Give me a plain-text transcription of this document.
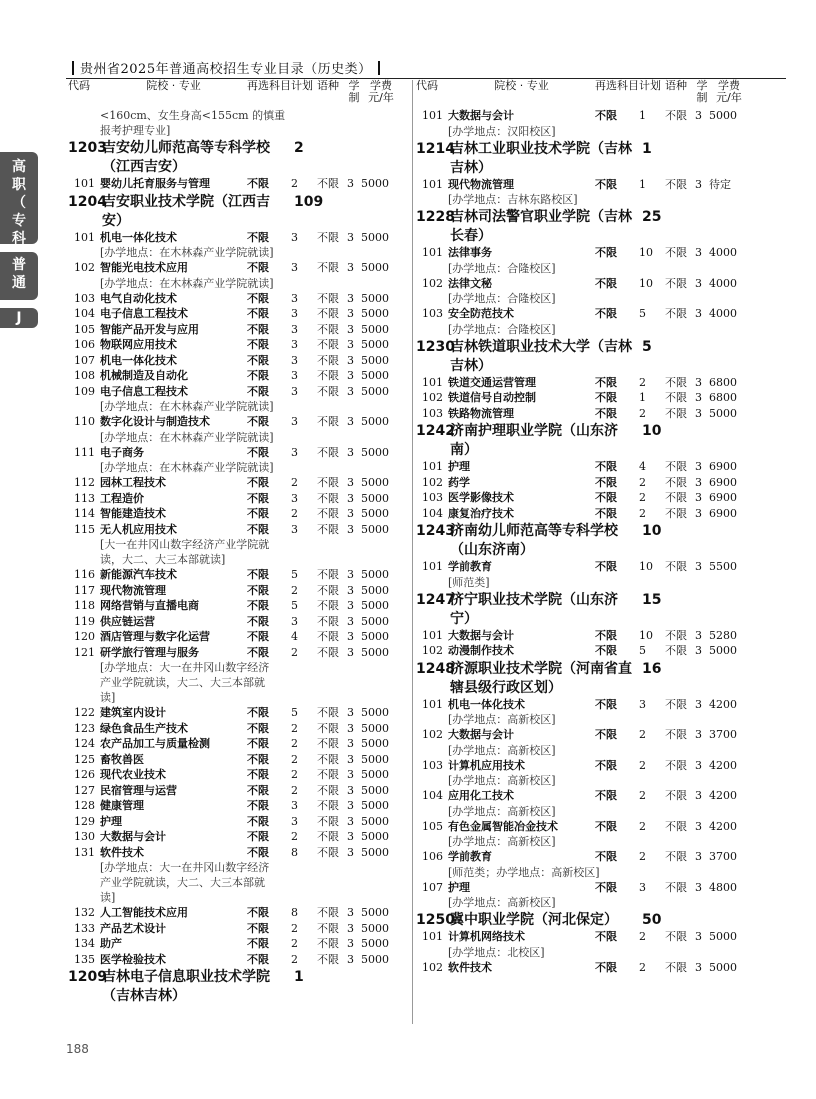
贵州省2025年普通高校招生专业目录（历史类）
高
职
（
专
科
普
通
J
代码	院校 · 专业	再选科目 计划 语种 学
制
学费
元/年
<160cm、女生身高<155cm 的慎重
报考护理专业]
1203
吉安幼儿师范高等专科学校	2
（江西吉安）
101 婴幼儿托育服务与管理	不限	2	不限 3 5000
1204
吉安职业技术学院（江西吉	109
安）
101 机电一体化技术	不限	3	不限 3 5000
[办学地点：在木林森产业学院就读]
102 智能光电技术应用	不限	3	不限 3 5000
[办学地点：在木林森产业学院就读]
103 电气自动化技术	不限	3	不限 3 5000
104 电子信息工程技术	不限	3	不限 3 5000
105 智能产品开发与应用	不限	3	不限 3 5000
106 物联网应用技术	不限	3	不限 3 5000
107 机电一体化技术	不限	3	不限 3 5000
108 机械制造及自动化	不限	3	不限 3 5000
109 电子信息工程技术	不限	3	不限 3 5000
[办学地点：在木林森产业学院就读]
110 数字化设计与制造技术	不限	3	不限 3 5000
[办学地点：在木林森产业学院就读]
111 电子商务	不限	3	不限 3 5000
[办学地点：在木林森产业学院就读]
112 园林工程技术	不限	2	不限 3 5000
113 工程造价	不限	3	不限 3 5000
114 智能建造技术	不限	2	不限 3 5000
115 无人机应用技术	不限	3	不限 3 5000
[大一在井冈山数字经济产业学院就
读，大二、大三本部就读]
116 新能源汽车技术	不限	5	不限 3 5000
117 现代物流管理	不限	2	不限 3 5000
118 网络营销与直播电商	不限	5	不限 3 5000
119 供应链运营	不限	3	不限 3 5000
120 酒店管理与数字化运营	不限	4	不限 3 5000
121 研学旅行管理与服务	不限	2	不限 3 5000
[办学地点：大一在井冈山数字经济
产业学院就读，大二、大三本部就
读]
122 建筑室内设计	不限	5	不限 3 5000
123 绿色食品生产技术	不限	2	不限 3 5000
124 农产品加工与质量检测	不限	2	不限 3 5000
125 畜牧兽医	不限	2	不限 3 5000
126 现代农业技术	不限	2	不限 3 5000
127 民宿管理与运营	不限	2	不限 3 5000
128 健康管理	不限	3	不限 3 5000
129 护理	不限	3	不限 3 5000
130 大数据与会计	不限	2	不限 3 5000
131 软件技术	不限	8	不限 3 5000
[办学地点：大一在井冈山数字经济
产业学院就读，大二、大三本部就
读]
132 人工智能技术应用	不限	8	不限 3 5000
133 产品艺术设计	不限	2	不限 3 5000
134 助产	不限	2	不限 3 5000
135 医学检验技术	不限	2	不限 3 5000
1209
吉林电子信息职业技术学院	1
（吉林吉林）
代码	院校 · 专业	再选科目 计划 语种 学
制
学费
元/年
101 大数据与会计	不限	1	不限 3 5000
[办学地点：汉阳校区]
1214
吉林工业职业技术学院（吉林 1
吉林）
101 现代物流管理	不限	1	不限 3 待定
[办学地点：吉林东路校区]
1228
吉林司法警官职业学院（吉林 25
长春）
101 法律事务	不限	10	不限 3 4000
[办学地点：合隆校区]
102 法律文秘	不限	10	不限 3 4000
[办学地点：合隆校区]
103 安全防范技术	不限	5	不限 3 4000
[办学地点：合隆校区]
1230
吉林铁道职业技术大学（吉林 5
吉林）
101 铁道交通运营管理	不限	2	不限 3 6800
102 铁道信号自动控制	不限	1	不限 3 6800
103 铁路物流管理	不限	2	不限 3 5000
1242
济南护理职业学院（山东济	10
南）
101 护理	不限	4	不限 3 6900
102 药学	不限	2	不限 3 6900
103 医学影像技术	不限	2	不限 3 6900
104 康复治疗技术	不限	2	不限 3 6900
1243
济南幼儿师范高等专科学校	10
（山东济南）
101 学前教育	不限	10	不限 3 5500
[师范类]
1247
济宁职业技术学院（山东济	15
宁）
101 大数据与会计	不限	10	不限 3 5280
102 动漫制作技术	不限	5	不限 3 5000
1248
济源职业技术学院（河南省直 16
辖县级行政区划）
101 机电一体化技术	不限	3	不限 3 4200
[办学地点：高新校区]
102 大数据与会计	不限	2	不限 3 3700
[办学地点：高新校区]
103 计算机应用技术	不限	2	不限 3 4200
[办学地点：高新校区]
104 应用化工技术	不限	2	不限 3 4200
[办学地点：高新校区]
105 有色金属智能冶金技术	不限	2	不限 3 4200
[办学地点：高新校区]
106 学前教育	不限	2	不限 3 3700
[师范类；办学地点：高新校区]
107 护理	不限	3	不限 3 4800
[办学地点：高新校区]
1250
冀中职业学院（河北保定）	50
101 计算机网络技术	不限	2	不限 3 5000
[办学地点：北校区]
102 软件技术	不限	2	不限 3 5000
188
